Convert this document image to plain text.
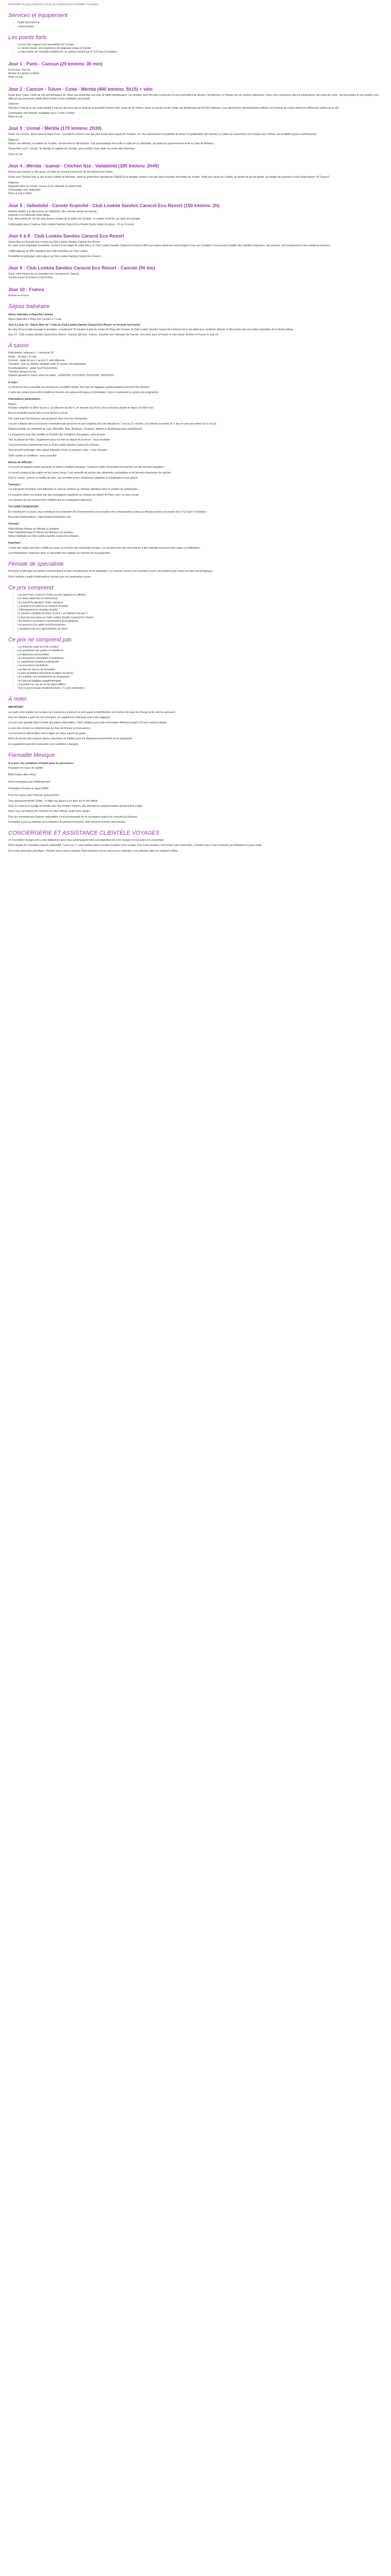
Description Ce que comprend / Ce qui ne comprend pas Formalités Consignée
Services et équipement
• Guide francophone
• Carnet Expert
Les points forts
• Les six sites majeurs incontournables de Yucatán
• Le cenote Xcaret, une expérience de baignade unique et insolite
• La découverte de l'animalier traditionnel, un produit exclusif par le TUI Care Foundation
Jour 1 : Paris - Cancun (20 km/env. 30 min)

Envol pour Cancun.

Arrivée et transfert à l'hôtel.

Dîner et nuit.

Jour 2 : Cancún - Tulum - Cobá - Mérida (400 km/env. 5h15) + vélo

Route pour Tulum, l'unité de site archéologique de Tulum qui surplombe une côte de sable paradisiaque. Les temples sont très bien conservés et vous permettent de déceler l'architecture et l'histoire de ces anciens bâtisseurs. Nous vous conduirons dans la mystérieuse cité maya de Cobá ; ses pyramides et ses sacbés vous offriront une immersion totale dans l'univers d'une civilisation ancestrale.

Déjeuner.

Direction Cobá pour une visite guidée à vélo du site ainsi que la visite de la pyramide Nohoch Mul, haute de 42 mètres. Dans cet ancien centre urbain qui abritait plus de 50 000 habitants, vous découvrirez d'innombrables édifices et le réseau de routes reliant les différentes parties de la cité.

Continuation vers Mérida, installation pour 2 nuits à l'hôtel.

Dîner et nuit.

Jour 3 : Uxmal - Mérida (170 km/env. 2h30)

Route vers Uxmal, située dans la région Puuc, considérée comme l'une des plus beaux sites mayas du Yucatán. Ici, vous découvrirez la pyramide du Devin, le quadrilatère des Nonnes, le palais du Gouverneur et la maison des Tortues, de véritables joyaux architecturaux.

Déjeuner.

Retour vers Mérida, la capitale du Yucatán, surnommée la cité blanche. Tour panoramique de la ville et visite de la cathédrale, du palais du gouvernement et de la Casa de Montejo.

Temps libre sur le "zócalo" de Mérida, la capitale du Yucatán, pour profiter d'une visite du centre-ville historique.

Dîner et nuit.

Jour 4 : Mérida - Izamal - Chichén Itzá - Valladolid (185 km/env. 2h45)

Départ pour Izamal, la ville jaune, et visite du couvent franciscain de San Antonio de Padua.

Route vers Chichén Itzá, le site le plus célèbre du Mexique, entré au patrimoine mondial de l'UNESCO et désigné comme l'une des sept nouvelles merveilles du monde. Visite des ruines du Castillo, du terrain de jeu de pelote, du temple des guerriers et de l'observatoire "El Caracol".

Déjeuner.

Baignade dans un cenote, source d'eau naturelle en pleine forêt.

Continuation vers Valladolid.

Dîner et nuit à l'hôtel.

Jour 5 : Valladolid - Cenote Xcanché - Club Lookéa Sandos Caracol Eco Resort (150 km/env. 2h)

Matinée dédiée à la découverte de Valladolid, ville coloniale pleine de charme.

Déjeuner à la Hacienda Selva Maya.

Puis, découverte de l'un des plus beaux cenotes de la région de Yucatán : le cenote Xcanché, au cœur de la jungle.

Continuation pour 3 nuits au Club Lookéa Sandos Caracol Eco Resort (durée totale du séjour : 10 ou 11 jours).

Jour 6 à 8 : Club Lookéa Sandos Caracol Eco Resort

Séjour libre en formule tout compris au Club Lookéa Sandos Caracol Eco Resort.

Au cœur d'une végétation luxuriante, au bord d'une plage de sable blanc, le Club Lookéa Sandos Caracol Eco Resort offre une nature préservée entre jungle et mer des Caraïbes. Vous pourrez profiter des activités proposées, des piscines, des restaurants et des nombreux services.

L'hôtel dispose de 955 chambres dont 348 chambres au Club Lookéa.

Possibilité de prolonger votre séjour au Club Lookéa Sandos Caracol Eco Resort.

Jour 9 : Club Lookéa Sandos Caracol Eco Resort - Cancún (50 km)

Selon votre horaire de vol, transfert vers l'aéroport de Cancún.

Vol retour pour la France et nuit à bord.

Jour 10 : France

Arrivée en France.

Séjour balnéaire

Séjour balnéaire à Playa Del Carmen

Séjour balnéaire à Playa Del Carmen à 7 nuits

Jour 6 à Jour 13 : Séjour libre de 7 nuits au Club Lookéa Sandos Caracol Eco Resort, en formule tout inclus.

Au cœur d'une jungle sauvage et protégée, à seulement 15 minutes à pied du centre de Playa del Carmen, le Club Lookéa Sandos Caracol Eco Resort est le lieu idéal pour combiner détente et découverte des merveilles naturelles de la Riviera Maya.

Jour 14 : Club Lookéa Sandos Caracol Eco Resort - Cancún (50 km) - France. Transfert vers l'aéroport de Cancún. Vol retour pour la France et nuit à bord. Arrivée en France le Jour 15.

À savoir

Participants : minimum 2 - maximum 30

Durée : 10 jours / 8 nuits

Formule : repas du jour 1 au jour 9, petit-déjeuner

Transport : bus ou minibus climatisé selon le nombre de participants

Accompagnateur : guide local francophone

Transfert aéroport inclus

Départs garantis le mardi, selon les dates : 12/09/2023, 01/11/2023, 07/02/2024, 28/03/2024.

À noter :

Le circuit est non accessible aux personnes à mobilité réduite. Des frais de bagages supplémentaires pourront être facturés.

L'ordre des visites pourra être modifié en fonction des aléas techniques et climatiques, tout en respectant le contenu du programme.

Informations particulières :

Repas :

Pension complète du dîner du jour 1 au déjeuner du jour 5, en formule tout inclus (hors boissons) durant le séjour en hôtel-club.

Eau en bouteille fournie dans le bus durant le circuit.

Une carte pour les boissons sera proposée dans tous les restaurants.

Les prix indiqués dans la brochure s'entendent par personne et sont valables pour des départs du 2 mai au 31 octobre. Les enfants de moins de 2 ans ne sont pas admis sur le circuit.

Départ possible sur demande de Lyon, Marseille, Nice, Bordeaux, Toulouse, Nantes et Strasbourg (avec supplément).

Le programme peut être modifié en fonction des conditions climatiques, sans préavis.

Tarif au départ de Paris. Supplément pour les vols au départ de province : nous consulter.

Circuit proposé en partenariat avec le Club Lookéa Sandos Caracol Eco Resort.

Vous pourrez prolonger votre séjour balnéaire d'une ou plusieurs nuits : nous consulter.

Tarifs soumis à conditions : nous consulter.

Niveau de difficulté :

Ce circuit est adapté à toute personne en bonne condition physique. Certaines visites nécessitent de marcher sur des terrains irréguliers.

Le circuit comprend des trajets en bus assez longs. Il est conseillé de prévoir des vêtements confortables et de bonnes chaussures de marche.

Pour le cenote : prévoir un maillot de bain, une serviette et des chaussures adaptées à la baignade en eau douce.

Transport :

Les transports terrestres sont effectués en autocar, minibus ou véhicule climatisé selon le nombre de participants.

Le transport aérien est assuré par des compagnies régulières ou charters au départ de Paris, avec ou sans escale.

Les horaires de vols peuvent être modifiés par les compagnies aériennes.

TUI CARE FOUNDATION :

En choisissant ce circuit, vous contribuez à la protection de l'environnement et au soutien des communautés locales au Mexique grâce aux projets de la TUI Care Foundation.

Pour plus d'informations : https://tuicarefoundation.com

Concept :

Hôtel Mérida Holiday Inn Mérida ou similaire.

Hôtel Valladolid Hotel El Meson del Marques ou similaire.

Séjour balnéaire au Club Lookéa Sandos Caracol Eco Resort.

Important :

L'ordre des visites peut être modifié sur place en fonction des contraintes locales. Les horaires des vols sont donnés à titre indicatif et peuvent être sujets à modification.

Les informations contenues dans ce descriptif sont valables au moment de sa publication.

Période de spécialiste

Découvrir le Mexique au meilleur moment grâce à notre connaissance de la destination. Les saisons sèches, de novembre à avril, sont idéales pour visiter les sites archéologiques.

Fiche réalisée à partir d'informations fournies par nos partenaires locaux.

Ce prix comprend
• Les vols Paris / Cancún / Paris sur vols réguliers ou affrétés
• Les taxes aériennes et redevances
• Les transferts aéroport / hôtel / aéroport
• Le transport en autocar ou minibus climatisé
• L'hébergement en chambre double
• La pension complète du dîner du jour 1 au déjeuner du jour 5
• La formule tout inclus au Club Lookéa Sandos Caracol Eco Resort
• Les visites et excursions mentionnées au programme
• Les services d'un guide local francophone
• L'assistance de nos représentants sur place
Ce prix ne comprend pas
• Les boissons (sauf au Club Lookéa)
• Les pourboires aux guides et chauffeurs
• Les dépenses personnelles
• Les assurances annulation et assistance
• Le supplément chambre individuelle
• Les excursions facultatives
• Les frais de visa ou de formalités
• La taxe touristique mexicaine (à régler sur place)
• Les activités non mentionnées au programme
• Les frais de bagages supplémentaires
• Le transfert en cas de vol de retour différé
• Tout ce qui n'est pas mentionné dans « Ce prix comprend »
À noter

IMPORTANT

Les tarifs sont calculés sur la base de 2 personnes minimum et sont sujets à modifications en fonction des taux de change et du coût du carburant.

Pour les départs à partir du 1er novembre, un supplément carburant pourra être appliqué.

Les prix sont garantis dans la limite des places disponibles. Tarifs valables pour toute réservation effectuée jusqu'à 30 jours avant le départ.

Le prix des circuits ne comprend pas les frais de dossier et d'assurance.

Les excursions optionnelles sont à régler sur place auprès du guide.

Merci de prévoir des espèces (pesos mexicains ou dollars) pour les dépenses personnelles et les pourboires.

Un supplément peut être demandé si les conditions changent.

Formalité Mexique

A ce jour, les conditions d'entrée pour les personnes :

Passeport en cours de validité

Billet d'avion aller-retour

Fiche touristique pour l'hébergement

Formulaire d'entrée en ligne (FMM)

Pour tout séjour dans l'État de Quintana Roo :

Taxe gouvernementale Visitax : à régler sur place ou en ligne sur le site officiel.

Dans le cadre d'un voyage en famille avec des enfants mineurs, des documents supplémentaires peuvent être exigés.

Nous vous conseillons de consulter les sites officiels avant votre départ.

Pour les ressortissants d'autres nationalités, il est recommandé de se renseigner auprès du consulat du Mexique.

Formalités à jour au moment de la rédaction du présent document. Elles peuvent évoluer sans préavis.

CONCIERGERIE ET ASSISTANCE CLIENTÈLE VOYAGES

Un Conseiller Voyages est à votre disposition pour vous accompagner dans la préparation de votre voyage et vous aider à le concrétiser.

Notre équipe de conseillers experts, disponible 7 jours sur 7, vous assiste avant, pendant et après votre voyage. Pour toute question concernant votre réservation, n'hésitez pas à nous contacter par téléphone ou par e-mail.

Pour toute demande spécifique, n'hésitez pas à nous contacter. Nous mettrons tout en œuvre pour répondre à vos attentes dans les meilleurs délais.
